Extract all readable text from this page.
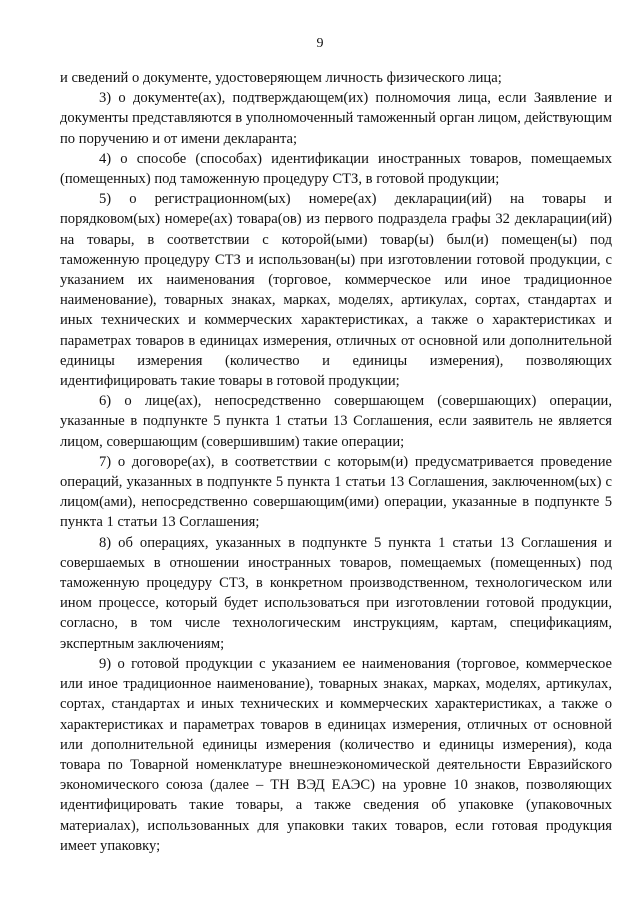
9

и сведений о документе, удостоверяющем личность физического лица;

3) о документе(ах), подтверждающем(их) полномочия лица, если Заявление и документы представляются в уполномоченный таможенный орган лицом, действующим по поручению и от имени декларанта;

4) о способе (способах) идентификации иностранных товаров, помещаемых (помещенных) под таможенную процедуру СТЗ, в готовой продукции;

5) о регистрационном(ых) номере(ах) декларации(ий) на товары и порядковом(ых) номере(ах) товара(ов) из первого подраздела графы 32 декларации(ий) на товары, в соответствии с которой(ыми) товар(ы) был(и) помещен(ы) под таможенную процедуру СТЗ и использован(ы) при изготовлении готовой продукции, с указанием их наименования (торговое, коммерческое или иное традиционное наименование), товарных знаках, марках, моделях, артикулах, сортах, стандартах и иных технических и коммерческих характеристиках, а также о характеристиках и параметрах товаров в единицах измерения, отличных от основной или дополнительной единицы измерения (количество и единицы измерения), позволяющих идентифицировать такие товары в готовой продукции;

6) о лице(ах), непосредственно совершающем (совершающих) операции, указанные в подпункте 5 пункта 1 статьи 13 Соглашения, если заявитель не является лицом, совершающим (совершившим) такие операции;

7) о договоре(ах), в соответствии с которым(и) предусматривается проведение операций, указанных в подпункте 5 пункта 1 статьи 13 Соглашения, заключенном(ых) с лицом(ами), непосредственно совершающим(ими) операции, указанные в подпункте 5 пункта 1 статьи 13 Соглашения;

8) об операциях, указанных в подпункте 5 пункта 1 статьи 13 Соглашения и совершаемых в отношении иностранных товаров, помещаемых (помещенных) под таможенную процедуру СТЗ, в конкретном производственном, технологическом или ином процессе, который будет использоваться при изготовлении готовой продукции, согласно, в том числе технологическим инструкциям, картам, спецификациям, экспертным заключениям;

9) о готовой продукции с указанием ее наименования (торговое, коммерческое или иное традиционное наименование), товарных знаках, марках, моделях, артикулах, сортах, стандартах и иных технических и коммерческих характеристиках, а также о характеристиках и параметрах товаров в единицах измерения, отличных от основной или дополнительной единицы измерения (количество и единицы измерения), кода товара по Товарной номенклатуре внешнеэкономической деятельности Евразийского экономического союза (далее – ТН ВЭД ЕАЭС) на уровне 10 знаков, позволяющих идентифицировать такие товары, а также сведения об упаковке (упаковочных материалах), использованных для упаковки таких товаров, если готовая продукция имеет упаковку;
